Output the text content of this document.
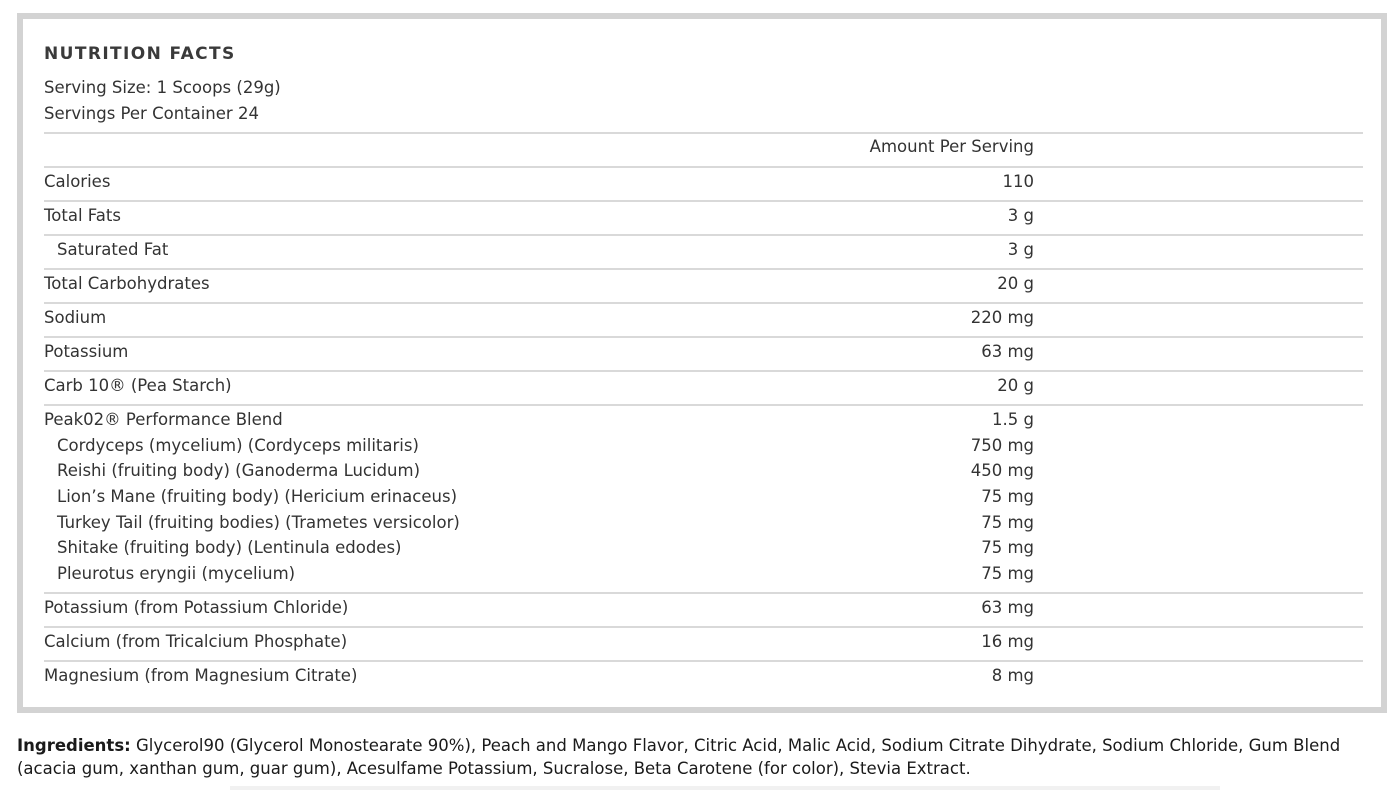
NUTRITION FACTS
Serving Size: 1 Scoops (29g)
Servings Per Container 24
Amount Per Serving
Calories	110
Total Fats	3 g
Saturated Fat	3 g
Total Carbohydrates	20 g
Sodium	220 mg
Potassium	63 mg
Carb 10® (Pea Starch)	20 g
Peak02® Performance Blend	1.5 g
Cordyceps (mycelium) (Cordyceps militaris)	750 mg
Reishi (fruiting body) (Ganoderma Lucidum)	450 mg
Lion’s Mane (fruiting body) (Hericium erinaceus)	75 mg
Turkey Tail (fruiting bodies) (Trametes versicolor)	75 mg
Shitake (fruiting body) (Lentinula edodes)	75 mg
Pleurotus eryngii (mycelium)	75 mg
Potassium (from Potassium Chloride)	63 mg
Calcium (from Tricalcium Phosphate)	16 mg
Magnesium (from Magnesium Citrate)	8 mg
Ingredients: Glycerol90 (Glycerol Monostearate 90%), Peach and Mango Flavor, Citric Acid, Malic Acid, Sodium Citrate Dihydrate, Sodium Chloride, Gum Blend (acacia gum, xanthan gum, guar gum), Acesulfame Potassium, Sucralose, Beta Carotene (for color), Stevia Extract.
